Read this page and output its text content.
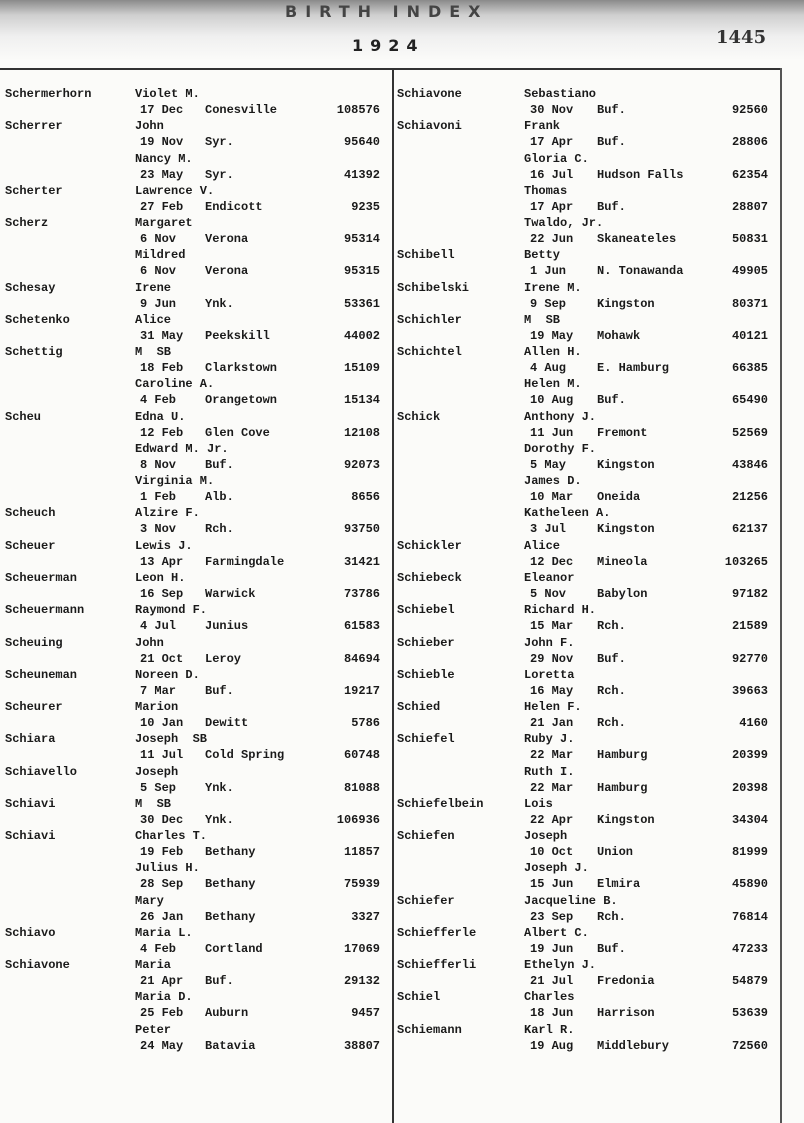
BIRTH INDEX
1924	1445
Schermerhorn	Violet M.
17 Dec Conesville	108576
Scherrer	John
19 Nov Syr.	95640
Nancy M.
23 May Syr.	41392
Scherter	Lawrence V.
27 Feb Endicott	9235
Scherz	Margaret
6 Nov Verona	95314
Mildred
6 Nov Verona	95315
Schesay	Irene
9 Jun Ynk.	53361
Schetenko	Alice
31 May Peekskill	44002
Schettig	M  SB
18 Feb Clarkstown	15109
Caroline A.
4 Feb Orangetown	15134
Scheu	Edna U.
12 Feb Glen Cove	12108
Edward M. Jr.
8 Nov Buf.	92073
Virginia M.
1 Feb Alb.	8656
Scheuch	Alzire F.
3 Nov Rch.	93750
Scheuer	Lewis J.
13 Apr Farmingdale	31421
Scheuerman	Leon H.
16 Sep Warwick	73786
Scheuermann	Raymond F.
4 Jul Junius	61583
Scheuing	John
21 Oct Leroy	84694
Scheuneman	Noreen D.
7 Mar Buf.	19217
Scheurer	Marion
10 Jan Dewitt	5786
Schiara	Joseph  SB
11 Jul Cold Spring	60748
Schiavello	Joseph
5 Sep Ynk.	81088
Schiavi	M  SB
30 Dec Ynk.	106936
Schiavi	Charles T.
19 Feb Bethany	11857
Julius H.
28 Sep Bethany	75939
Mary
26 Jan Bethany	3327
Schiavo	Maria L.
4 Feb Cortland	17069
Schiavone	Maria
21 Apr Buf.	29132
Maria D.
25 Feb Auburn	9457
Peter
24 May Batavia	38807
Schiavone	Sebastiano
30 Nov Buf.	92560
Schiavoni	Frank
17 Apr Buf.	28806
Gloria C.
16 Jul Hudson Falls	62354
Thomas
17 Apr Buf.	28807
Twaldo, Jr.
22 Jun Skaneateles	50831
Schibell	Betty
1 Jun	N. Tonawanda	49905
Schibelski	Irene M.
9 Sep	Kingston	80371
Schichler	M  SB
19 May Mohawk	40121
Schichtel	Allen H.
4 Aug	E. Hamburg	66385
Helen M.
10 Aug Buf.	65490
Schick	Anthony J.
11 Jun Fremont	52569
Dorothy F.
5 May	Kingston	43846
James D.
10 Mar Oneida	21256
Katheleen A.
3 Jul	Kingston	62137
Schickler	Alice
12 Dec Mineola	103265
Schiebeck	Eleanor
5 Nov	Babylon	97182
Schiebel	Richard H.
15 Mar Rch.	21589
Schieber	John F.
29 Nov Buf.	92770
Schieble	Loretta
16 May Rch.	39663
Schied	Helen F.
21 Jan Rch.	4160
Schiefel	Ruby J.
22 Mar Hamburg	20399
Ruth I.
22 Mar Hamburg	20398
Schiefelbein	Lois
22 Apr Kingston	34304
Schiefen	Joseph
10 Oct Union	81999
Joseph J.
15 Jun Elmira	45890
Schiefer	Jacqueline B.
23 Sep Rch.	76814
Schiefferle	Albert C.
19 Jun Buf.	47233
Schiefferli	Ethelyn J.
21 Jul Fredonia	54879
Schiel	Charles
18 Jun Harrison	53639
Schiemann	Karl R.
19 Aug Middlebury	72560
